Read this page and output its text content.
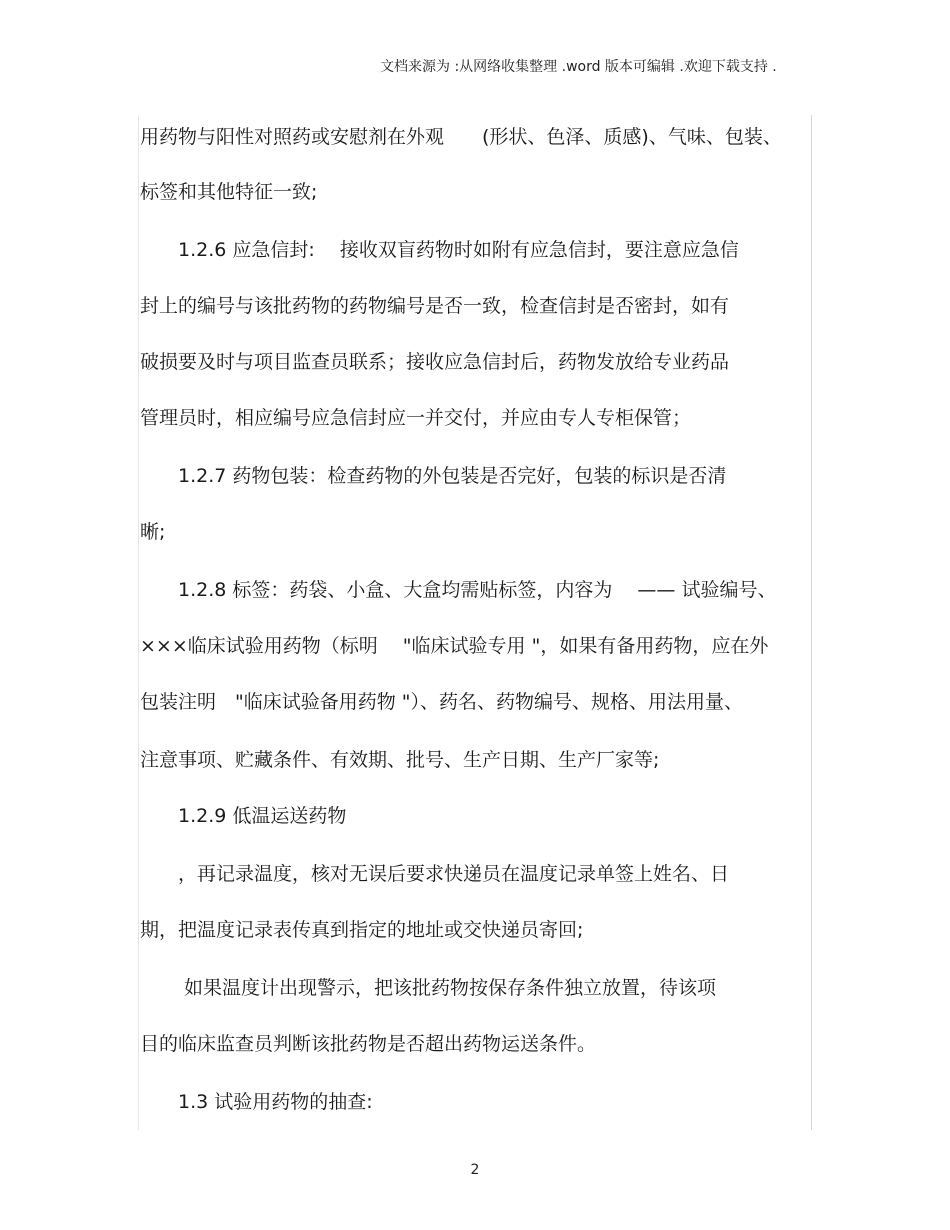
文档来源为 :从网络收集整理 .word 版本可编辑 .欢迎下载支持 .
用药物与阳性对照药或安慰剂在外观　　(形状、色泽、质感)、气味、包装、
标签和其他特征一致;
　　1.2.6 应急信封:　 接收双盲药物时如附有应急信封，要注意应急信
封上的编号与该批药物的药物编号是否一致，检查信封是否密封，如有
破损要及时与项目监查员联系；接收应急信封后，药物发放给专业药品
管理员时，相应编号应急信封应一并交付，并应由专人专柜保管；
　　1.2.7 药物包装：检查药物的外包装是否完好，包装的标识是否清
晰;
　　1.2.8 标签：药袋、小盒、大盒均需贴标签，内容为　 —— 试验编号、
×××临床试验用药物（标明　 "临床试验专用 "，如果有备用药物，应在外
包装注明　"临床试验备用药物 "）、药名、药物编号、规格、用法用量、
注意事项、贮藏条件、有效期、批号、生产日期、生产厂家等;
　　1.2.9 低温运送药物
　　，再记录温度，核对无误后要求快递员在温度记录单签上姓名、日
期，把温度记录表传真到指定的地址或交快递员寄回;
　　 如果温度计出现警示，把该批药物按保存条件独立放置，待该项
目的临床监查员判断该批药物是否超出药物运送条件。
　　1.3 试验用药物的抽查:
2
